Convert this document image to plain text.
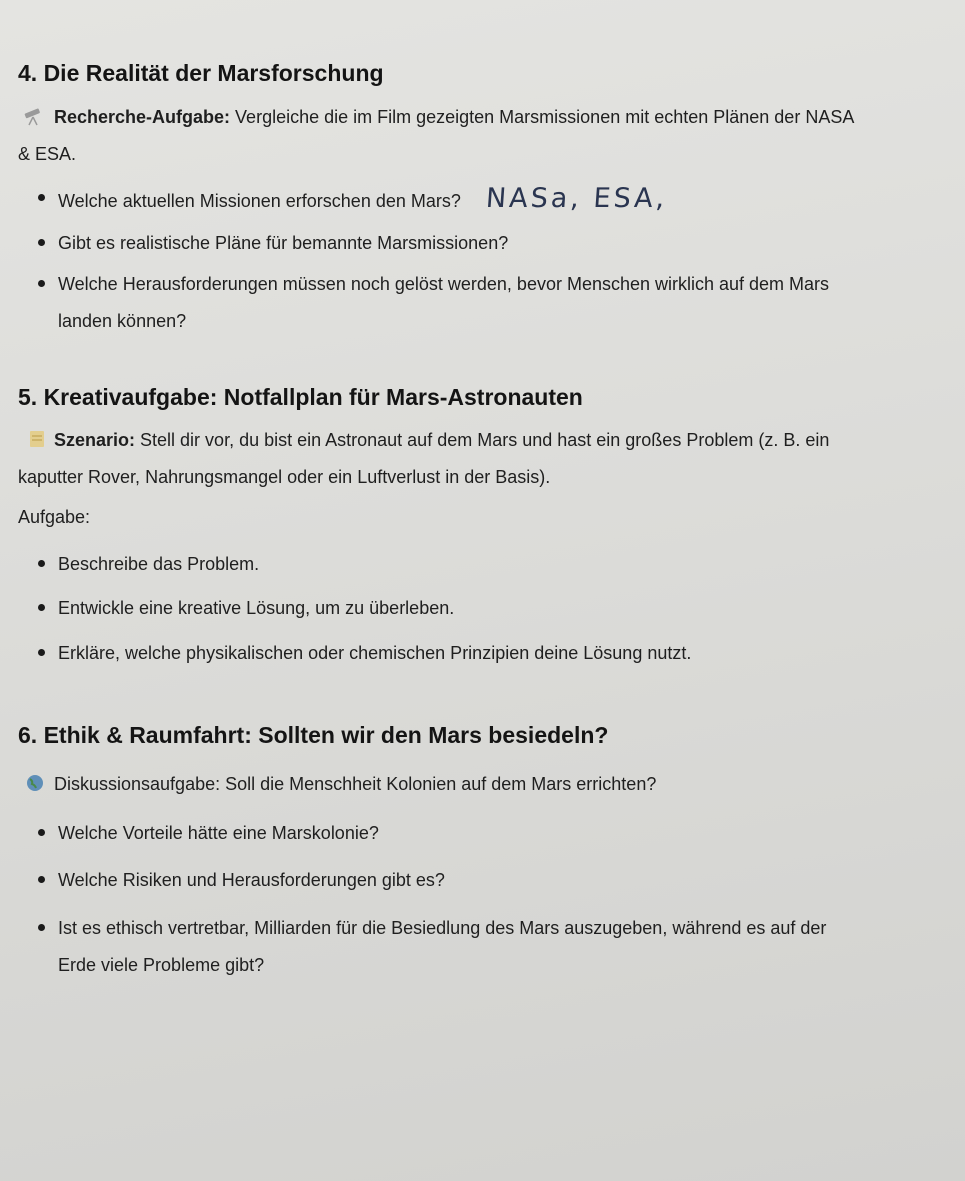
4. Die Realität der Marsforschung

Recherche-Aufgabe: Vergleiche die im Film gezeigten Marsmissionen mit echten Plänen der NASA
& ESA.

Welche aktuellen Missionen erforschen den Mars? NASa, ESA,
Gibt es realistische Pläne für bemannte Marsmissionen?
Welche Herausforderungen müssen noch gelöst werden, bevor Menschen wirklich auf dem Mars
landen können?
5. Kreativaufgabe: Notfallplan für Mars-Astronauten

Szenario: Stell dir vor, du bist ein Astronaut auf dem Mars und hast ein großes Problem (z. B. ein
kaputter Rover, Nahrungsmangel oder ein Luftverlust in der Basis).

Aufgabe:

Beschreibe das Problem.
Entwickle eine kreative Lösung, um zu überleben.
Erkläre, welche physikalischen oder chemischen Prinzipien deine Lösung nutzt.
6. Ethik & Raumfahrt: Sollten wir den Mars besiedeln?

Diskussionsaufgabe: Soll die Menschheit Kolonien auf dem Mars errichten?

Welche Vorteile hätte eine Marskolonie?
Welche Risiken und Herausforderungen gibt es?
Ist es ethisch vertretbar, Milliarden für die Besiedlung des Mars auszugeben, während es auf der
Erde viele Probleme gibt?
